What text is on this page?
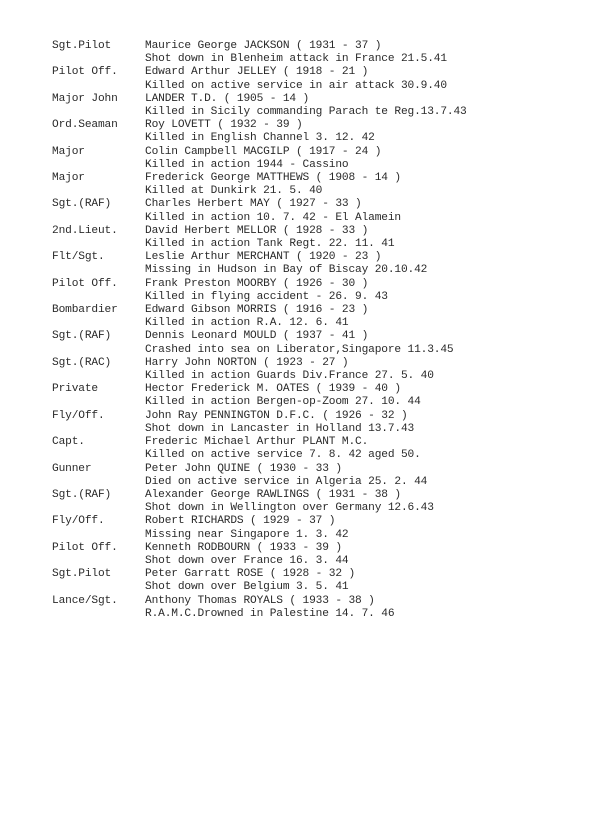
Sgt.Pilot	Maurice George JACKSON ( 1931 - 37 )
Shot down in Blenheim attack in France 21.5.41
Pilot Off.	Edward Arthur JELLEY ( 1918 - 21 )
Killed on active service in air attack 30.9.40
Major John	LANDER T.D. ( 1905 - 14 )
Killed in Sicily commanding Parach te Reg.13.7.43
Ord.Seaman	Roy LOVETT ( 1932 - 39 )
Killed in English Channel 3. 12. 42
Major	Colin Campbell MACGILP ( 1917 - 24 )
Killed in action 1944 - Cassino
Major	Frederick George MATTHEWS ( 1908 - 14 )
Killed at Dunkirk 21. 5. 40
Sgt.(RAF)	Charles Herbert MAY ( 1927 - 33 )
Killed in action 10. 7. 42 - El Alamein
2nd.Lieut.	David Herbert MELLOR ( 1928 - 33 )
Killed in action Tank Regt. 22. 11. 41
Flt/Sgt.	Leslie Arthur MERCHANT ( 1920 - 23 )
Missing in Hudson in Bay of Biscay 20.10.42
Pilot Off.	Frank Preston MOORBY ( 1926 - 30 )
Killed in flying accident - 26. 9. 43
Bombardier	Edward Gibson MORRIS ( 1916 - 23 )
Killed in action R.A. 12. 6. 41
Sgt.(RAF)	Dennis Leonard MOULD ( 1937 - 41 )
Crashed into sea on Liberator,Singapore 11.3.45
Sgt.(RAC)	Harry John NORTON ( 1923 - 27 )
Killed in action Guards Div.France 27. 5. 40
Private	Hector Frederick M. OATES ( 1939 - 40 )
Killed in action Bergen-op-Zoom 27. 10. 44
Fly/Off.	John Ray PENNINGTON D.F.C. ( 1926 - 32 )
Shot down in Lancaster in Holland 13.7.43
Capt.	Frederic Michael Arthur PLANT M.C.
Killed on active service 7. 8. 42 aged 50.
Gunner	Peter John QUINE ( 1930 - 33 )
Died on active service in Algeria 25. 2. 44
Sgt.(RAF)	Alexander George RAWLINGS ( 1931 - 38 )
Shot down in Wellington over Germany 12.6.43
Fly/Off.	Robert RICHARDS ( 1929 - 37 )
Missing near Singapore 1. 3. 42
Pilot Off.	Kenneth RODBOURN ( 1933 - 39 )
Shot down over France 16. 3. 44
Sgt.Pilot	Peter Garratt ROSE ( 1928 - 32 )
Shot down over Belgium 3. 5. 41
Lance/Sgt.	Anthony Thomas ROYALS ( 1933 - 38 )
R.A.M.C.Drowned in Palestine 14. 7. 46
